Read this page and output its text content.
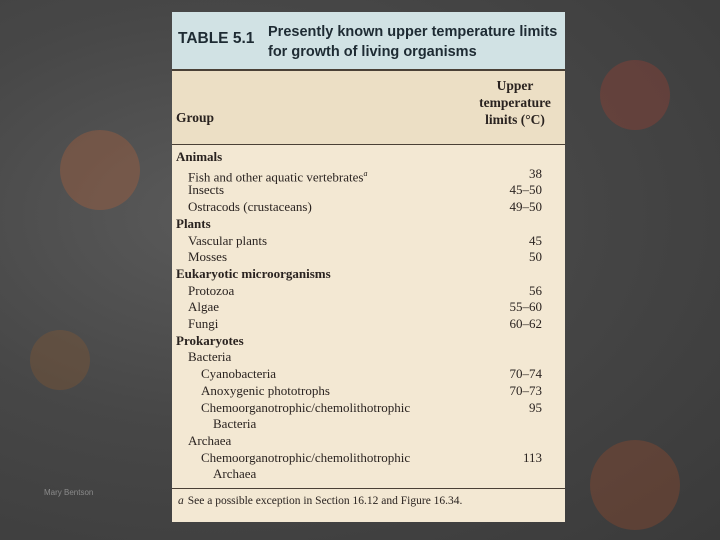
Mary Bentson
TABLE 5.1 Presently known upper temperature limits for growth of living organisms
Upper
temperature
limits (°C)
Group
Animals
Fish and other aquatic vertebrates$^a$	38
Insects	45–50
Ostracods (crustaceans)	49–50
Plants
Vascular plants	45
Mosses	50
Eukaryotic microorganisms
Protozoa	56
Algae	55–60
Fungi	60–62
Prokaryotes
Bacteria
Cyanobacteria	70–74
Anoxygenic phototrophs	70–73
Chemoorganotrophic/chemolithotrophic	95
Bacteria
Archaea
Chemoorganotrophic/chemolithotrophic	113
Archaea
a See a possible exception in Section 16.12 and Figure 16.34.
